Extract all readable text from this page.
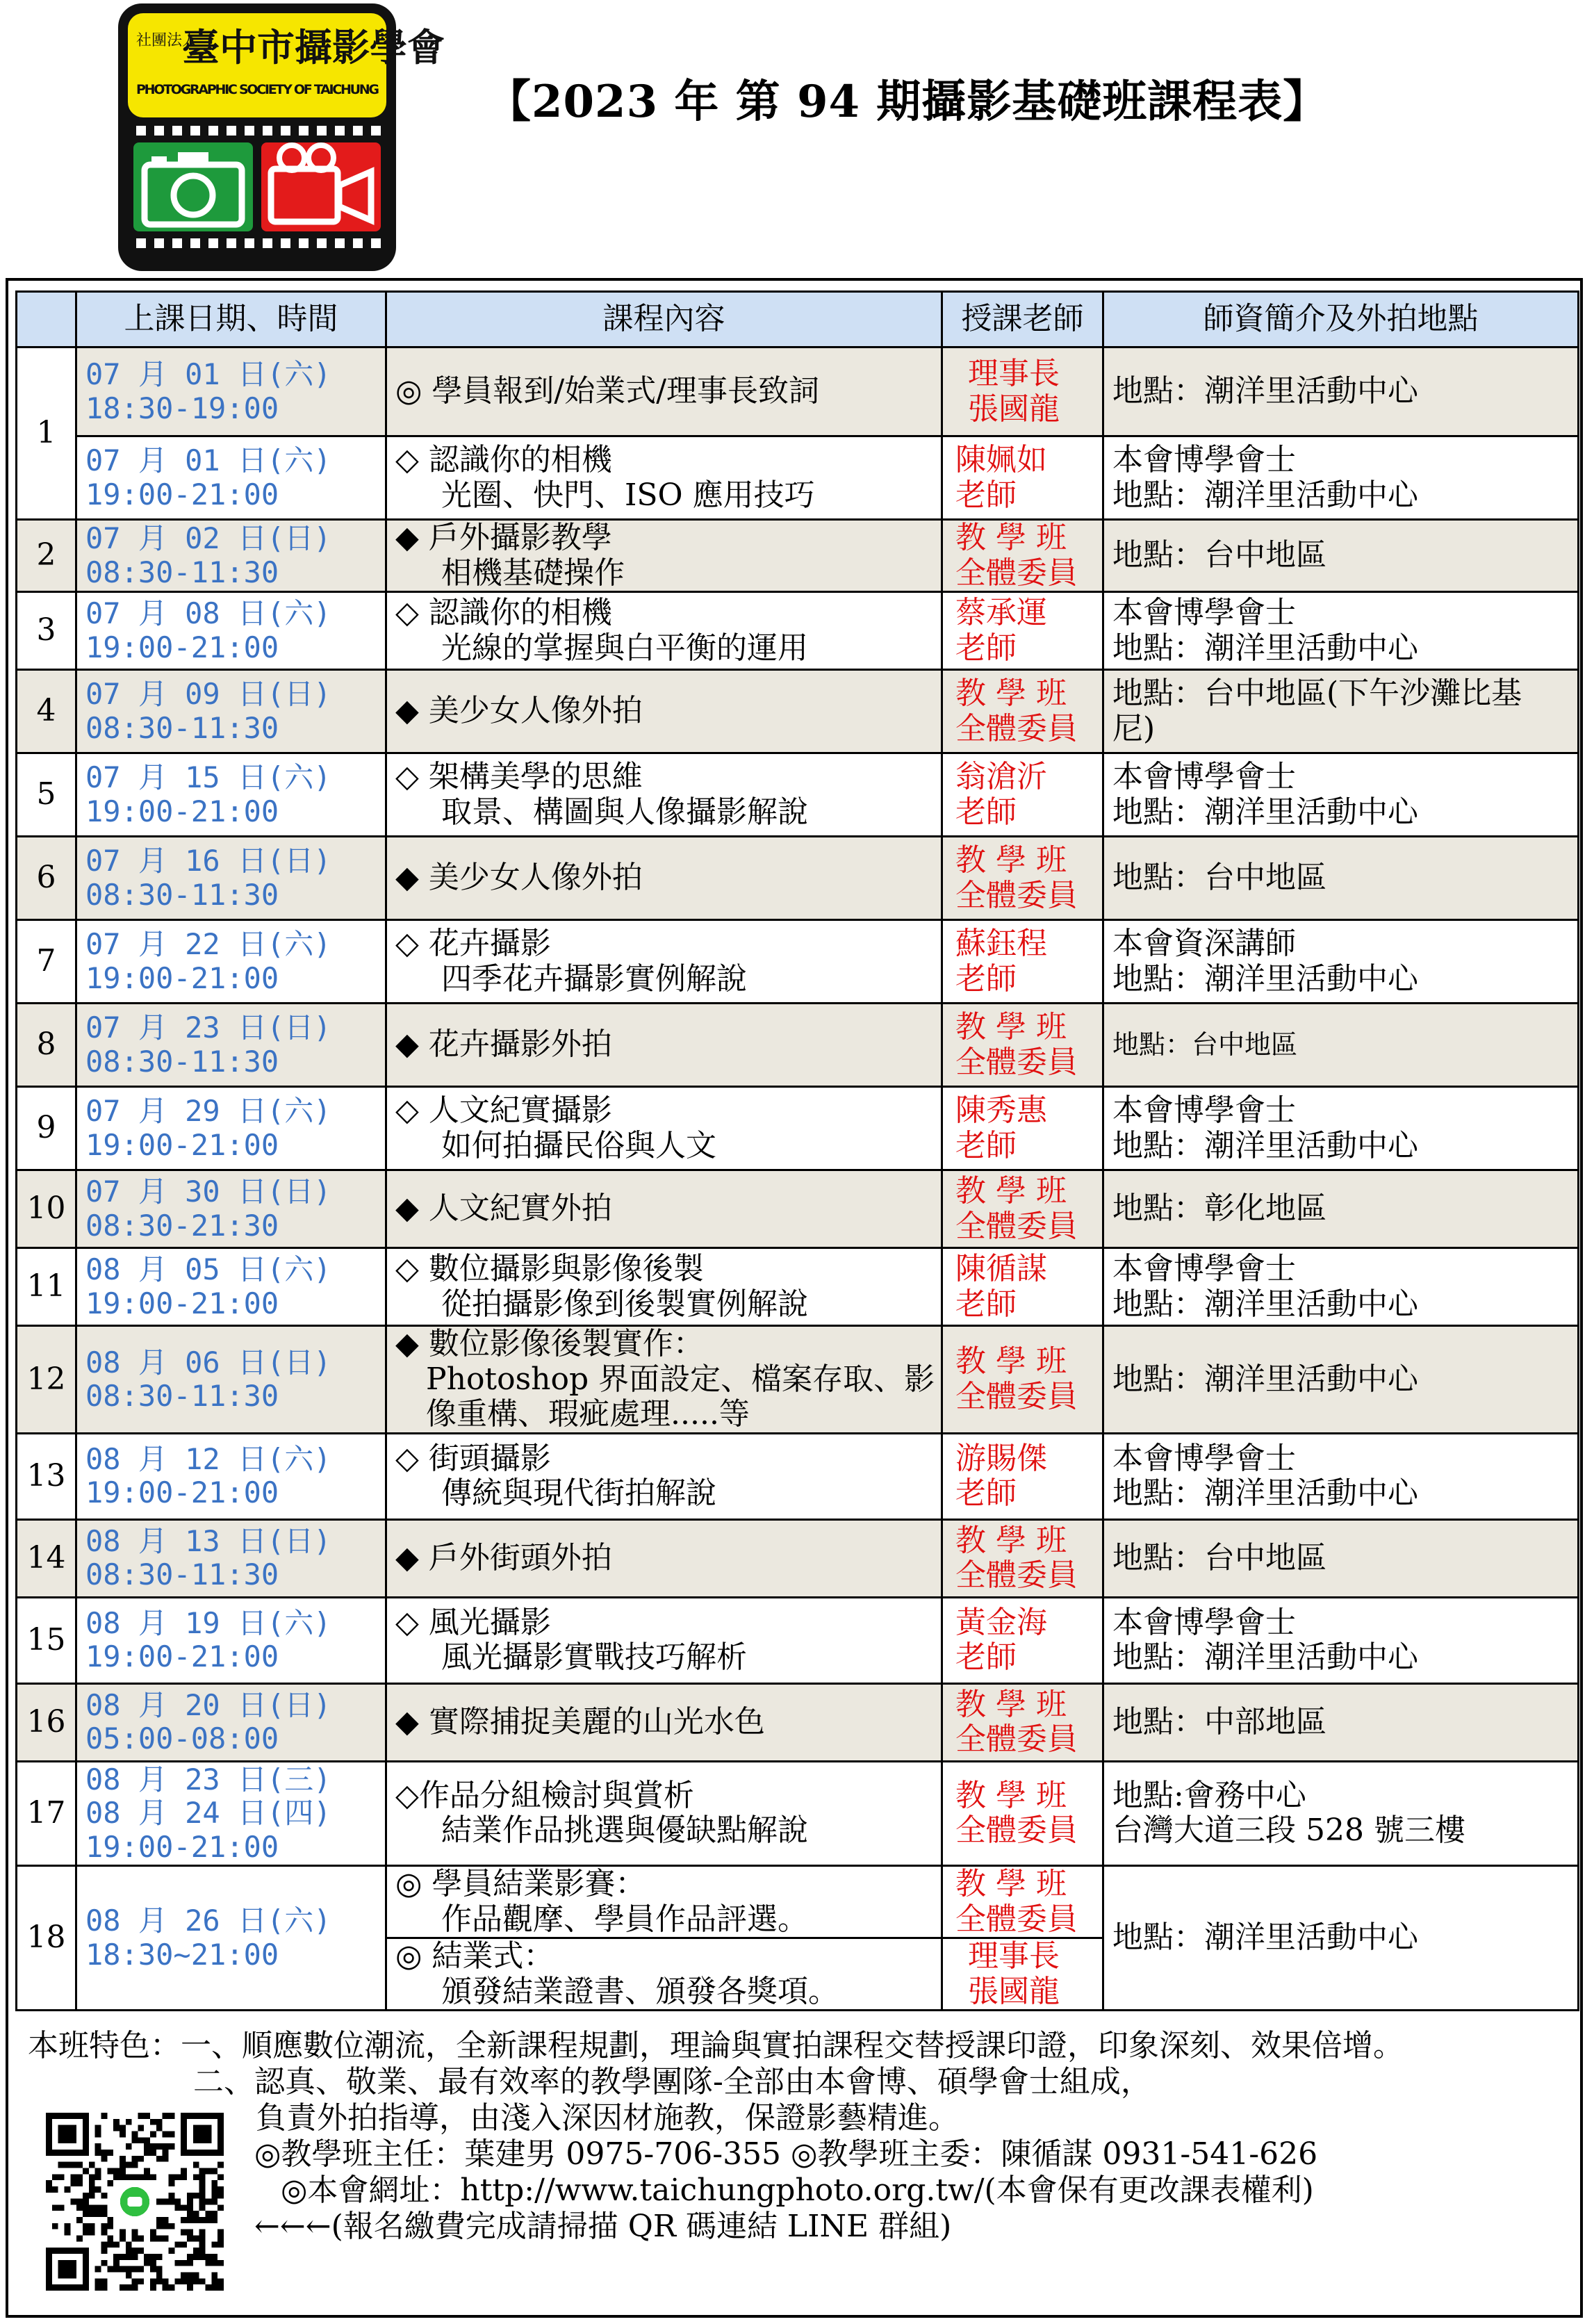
社團法人
臺中市攝影學會
PHOTOGRAPHIC SOCIETY OF TAICHUNG 【2023 年 第 94 期攝影基礎班課程表】
	上課日期、時間	課程內容	授課老師	師資簡介及外拍地點
1	07 月 01 日(六)
18:30-19:00	◎ 學員報到/始業式/理事長致詞	理事長
張國龍	地點：潮洋里活動中心

	07 月 01 日(六)
19:00-21:00	◇ 認識你的相機
光圈、快門、ISO 應用技巧	陳姵如
老師	本會博學會士
地點：潮洋里活動中心

2	07 月 02 日(日)
08:30-11:30	◆ 戶外攝影教學
相機基礎操作	教 學 班
全體委員	地點：台中地區

3	07 月 08 日(六)
19:00-21:00	◇ 認識你的相機
光線的掌握與白平衡的運用	蔡承運
老師	本會博學會士
地點：潮洋里活動中心

4	07 月 09 日(日)
08:30-11:30	◆ 美少女人像外拍	教 學 班
全體委員	地點：台中地區(下午沙灘比基
尼)

5	07 月 15 日(六)
19:00-21:00	◇ 架構美學的思維
取景、構圖與人像攝影解說	翁滄沂
老師	本會博學會士
地點：潮洋里活動中心

6	07 月 16 日(日)
08:30-11:30	◆ 美少女人像外拍	教 學 班
全體委員	地點：台中地區

7	07 月 22 日(六)
19:00-21:00	◇ 花卉攝影
四季花卉攝影實例解說	蘇鈺程
老師	本會資深講師
地點：潮洋里活動中心

8	07 月 23 日(日)
08:30-11:30	◆ 花卉攝影外拍	教 學 班
全體委員	地點：台中地區

9	07 月 29 日(六)
19:00-21:00	◇ 人文紀實攝影
如何拍攝民俗與人文	陳秀惠
老師	本會博學會士
地點：潮洋里活動中心

10	07 月 30 日(日)
08:30-21:30	◆ 人文紀實外拍	教 學 班
全體委員	地點：彰化地區

11	08 月 05 日(六)
19:00-21:00	◇ 數位攝影與影像後製
從拍攝影像到後製實例解說	陳循謀
老師	本會博學會士
地點：潮洋里活動中心

12	08 月 06 日(日)
08:30-11:30	◆ 數位影像後製實作：
Photoshop 界面設定、檔案存取、影
像重構、瑕疵處理.....等	教 學 班
全體委員	地點：潮洋里活動中心

13	08 月 12 日(六)
19:00-21:00	◇ 街頭攝影
傳統與現代街拍解說	游賜傑
老師	本會博學會士
地點：潮洋里活動中心

14	08 月 13 日(日)
08:30-11:30	◆ 戶外街頭外拍	教 學 班
全體委員	地點：台中地區

15	08 月 19 日(六)
19:00-21:00	◇ 風光攝影
風光攝影實戰技巧解析	黃金海
老師	本會博學會士
地點：潮洋里活動中心

16	08 月 20 日(日)
05:00-08:00	◆ 實際捕捉美麗的山光水色	教 學 班
全體委員	地點：中部地區

17	08 月 23 日(三)
08 月 24 日(四)
19:00-21:00	◇作品分組檢討與賞析
結業作品挑選與優缺點解說	教 學 班
全體委員	地點:會務中心
台灣大道三段 528 號三樓

18	08 月 26 日(六)
18:30~21:00	◎ 學員結業影賽：
作品觀摩、學員作品評選。	教 學 班
全體委員	地點：潮洋里活動中心

		◎ 結業式：
頒發結業證書、頒發各獎項。	理事長
張國龍	
本班特色：一、順應數位潮流，全新課程規劃，理論與實拍課程交替授課印證，印象深刻、效果倍增。
二、認真、敬業、最有效率的教學團隊-全部由本會博、碩學會士組成，
負責外拍指導，由淺入深因材施教，保證影藝精進。
◎教學班主任：葉建男 0975-706-355 ◎教學班主委：陳循謀 0931-541-626
◎本會網址：http://www.taichungphoto.org.tw/(本會保有更改課表權利)
←←←(報名繳費完成請掃描 QR 碼連結 LINE 群組)
